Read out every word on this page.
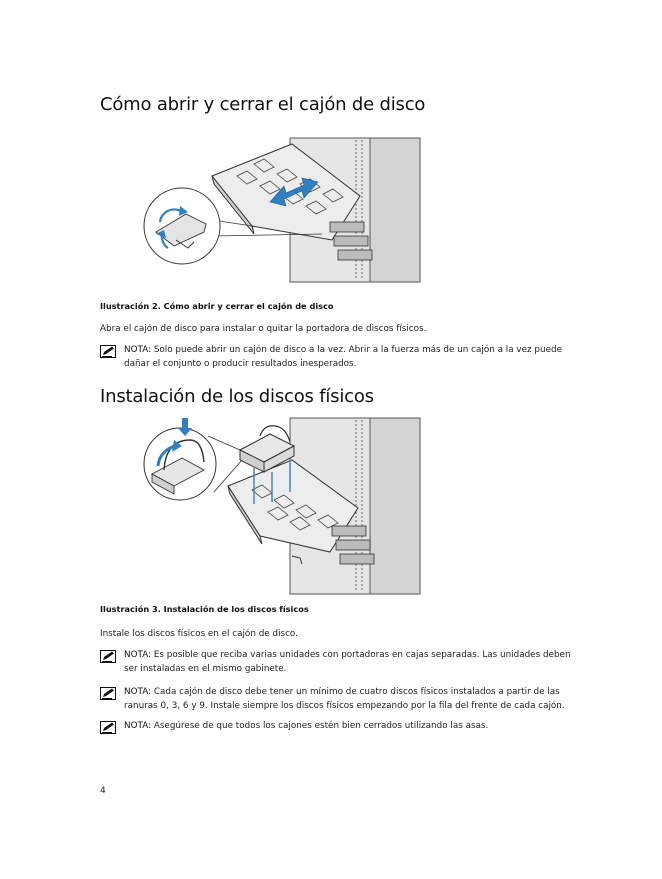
Cómo abrir y cerrar el cajón de disco

Ilustración 2. Cómo abrir y cerrar el cajón de disco

Abra el cajón de disco para instalar o quitar la portadora de discos físicos.

NOTA: Solo puede abrir un cajón de disco a la vez. Abrir a la fuerza más de un cajón a la vez puede dañar el conjunto o producir resultados inesperados.
Instalación de los discos físicos

Ilustración 3. Instalación de los discos físicos

Instale los discos físicos en el cajón de disco.

NOTA: Es posible que reciba varias unidades con portadoras en cajas separadas. Las unidades deben ser instaladas en el mismo gabinete.
NOTA: Cada cajón de disco debe tener un mínimo de cuatro discos físicos instalados a partir de las ranuras 0, 3, 6 y 9. Instale siempre los discos físicos empezando por la fila del frente de cada cajón.
NOTA: Asegúrese de que todos los cajones estén bien cerrados utilizando las asas.
4
